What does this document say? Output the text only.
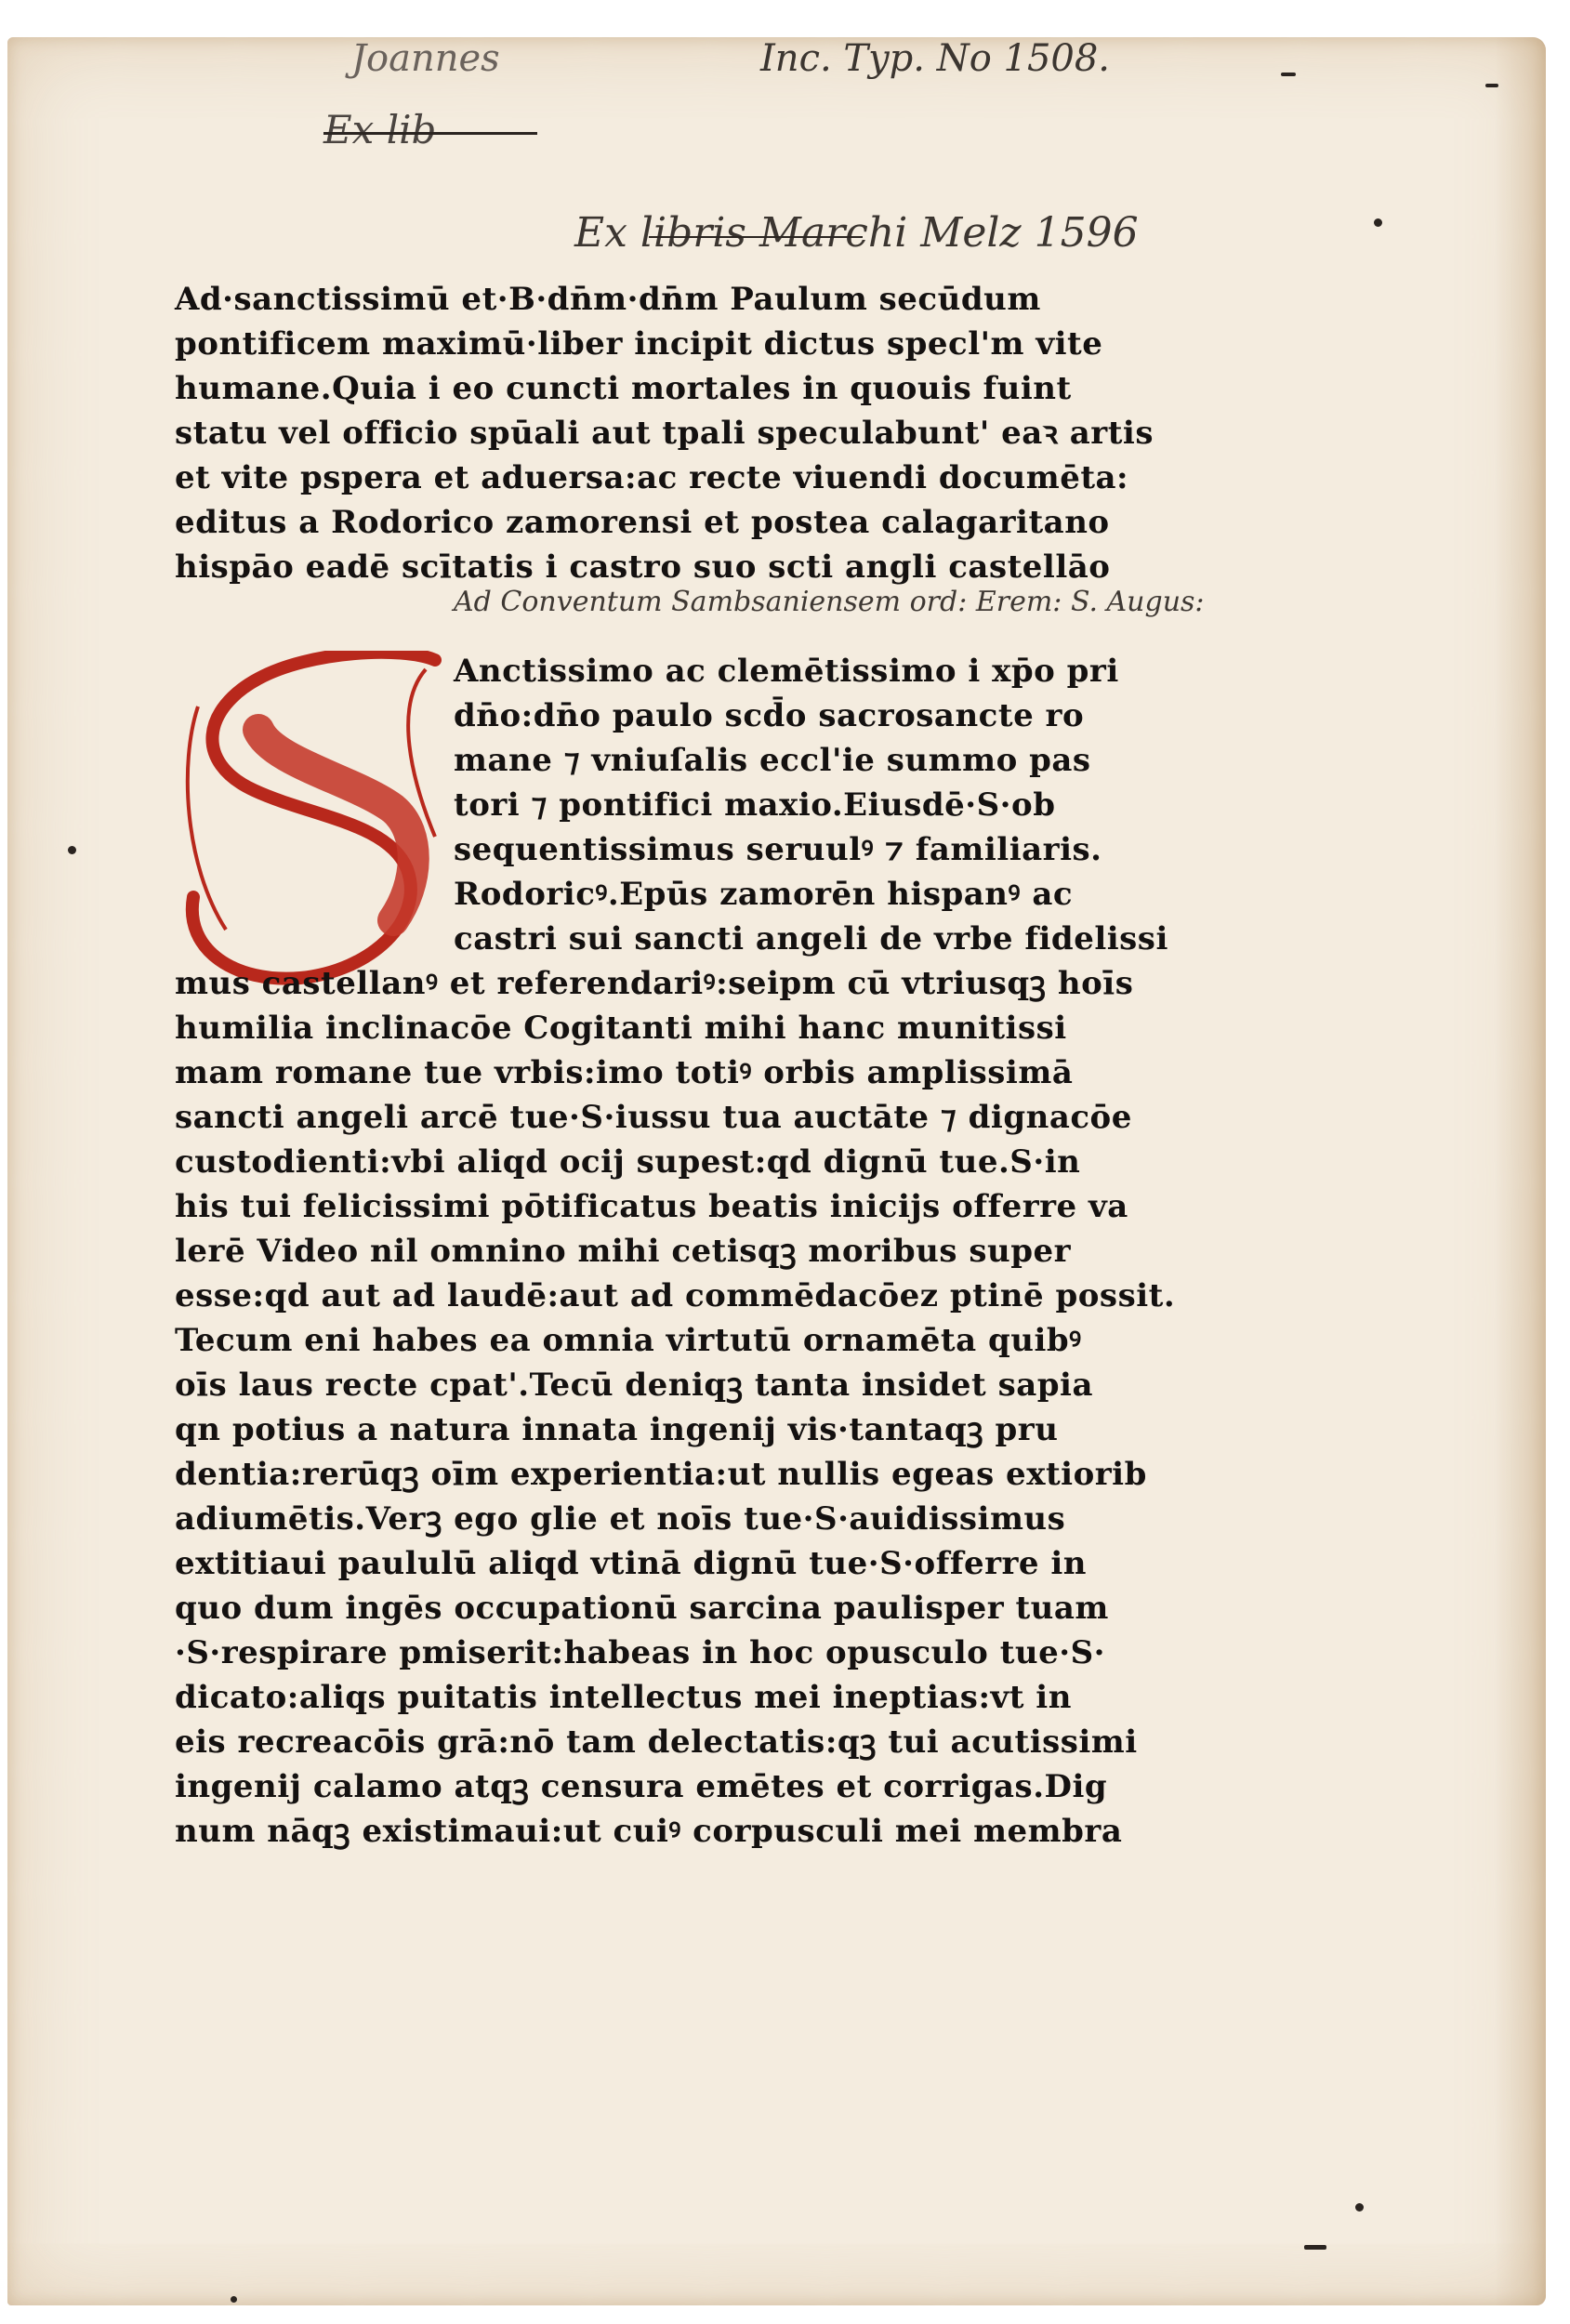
Joannes	Inc. Typ. No 1508.
Ex lib
Ex libris Marchi Melz 1596
Ad Conventum Sambsaniensem ord: Erem: S. Augus:
Ad·sanctissimū et·B·dn̄m·dn̄m Paulum secūdum
pontificem maximū·liber incipit dictus specl'm vite
humane.Quia i eo cuncti mortales in quouis fuint
statu vel officio spūali aut tpali speculabunt' eaꝛ artis
et vite pspera et aduersa:ac recte viuendi documēta:
editus a Rodorico zamorensi et postea calagaritano
hispāo eadē scītatis i castro suo scti angli castellāo
Anctissimo ac clemētissimo i xp̄o pri
dn̄o:dn̄o paulo scd̄o sacrosancte ro
mane ⁊ vniuſalis eccl'ie summo pas
tori ⁊ pontifici maxio.Eiusdē·S·ob
sequentissimus seruulꝰ ⁊ familiaris.
Rodoricꝰ.Epūs zamorēn hispanꝰ ac
castri sui sancti angeli de vrbe fidelissi
mus castellanꝰ et referendariꝰ:seipm cū vtriusqꝫ hoīs
humilia inclinacōe Cogitanti mihi hanc munitissi
mam romane tue vrbis:imo totiꝰ orbis amplissimā
sancti angeli arcē tue·S·iussu tua auctāte ⁊ dignacōe
custodienti:vbi aliqd ocij supest:qd dignū tue.S·in
his tui felicissimi pōtificatus beatis inicijs offerre va
lerē Video nil omnino mihi cetisqꝫ moribus super
esse:qd aut ad laudē:aut ad commēdacōez ptinē possit.
Tecum eni habes ea omnia virtutū ornamēta quibꝰ
oīs laus recte cpat'.Tecū deniqꝫ tanta insidet sapia
qn potius a natura innata ingenij vis·tantaqꝫ pru
dentia:rerūqꝫ oīm experientia:ut nullis egeas extiorib
adiumētis.Verꝫ ego glie et noīs tue·S·auidissimus
extitiaui paululū aliqd vtinā dignū tue·S·offerre in
quo dum ingēs occupationū sarcina paulisper tuam
·S·respirare pmiserit:habeas in hoc opusculo tue·S·
dicato:aliqs puitatis intellectus mei ineptias:vt in
eis recreacōis grā:nō tam delectatis:qꝫ tui acutissimi
ingenij calamo atqꝫ censura emētes et corrigas.Dig
num nāqꝫ existimaui:ut cuiꝰ corpusculi mei membra
